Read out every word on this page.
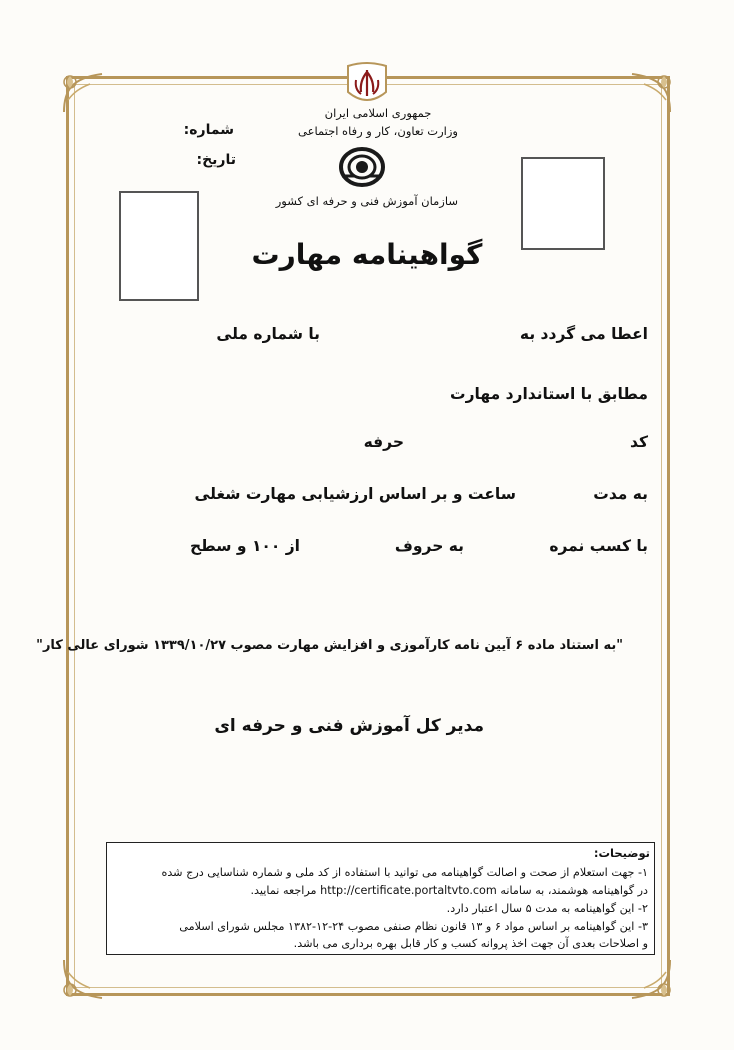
جمهوری اسلامی ایران
وزارت تعاون، کار و رفاه اجتماعی
سازمان آموزش فنی و حرفه ای کشور
شماره:
تاریخ:
گواهینامه مهارت
اعطا می گردد به
با شماره ملی
مطابق با استاندارد مهارت
کد
حرفه
به مدت
ساعت و بر اساس ارزشیابی مهارت شغلی
با کسب نمره
به حروف
از ۱۰۰ و سطح
"به استناد ماده ۶ آیین نامه کارآموزی و افزایش مهارت مصوب ۱۳۳۹/۱۰/۲۷ شورای عالی کار"
مدیر کل آموزش فنی و حرفه ای
توضیحات:
۱- جهت استعلام از صحت و اصالت گواهینامه می توانید با استفاده از کد ملی و شماره شناسایی درج شده
در گواهینامه هوشمند، به سامانه http://certificate.portaltvto.com مراجعه نمایید.
۲- این گواهینامه به مدت ۵ سال اعتبار دارد.
۳- این گواهینامه بر اساس مواد ۶ و ۱۳ قانون نظام صنفی مصوب ۲۴-۱۲-۱۳۸۲ مجلس شورای اسلامی
و اصلاحات بعدی آن جهت اخذ پروانه کسب و کار قابل بهره برداری می باشد.
